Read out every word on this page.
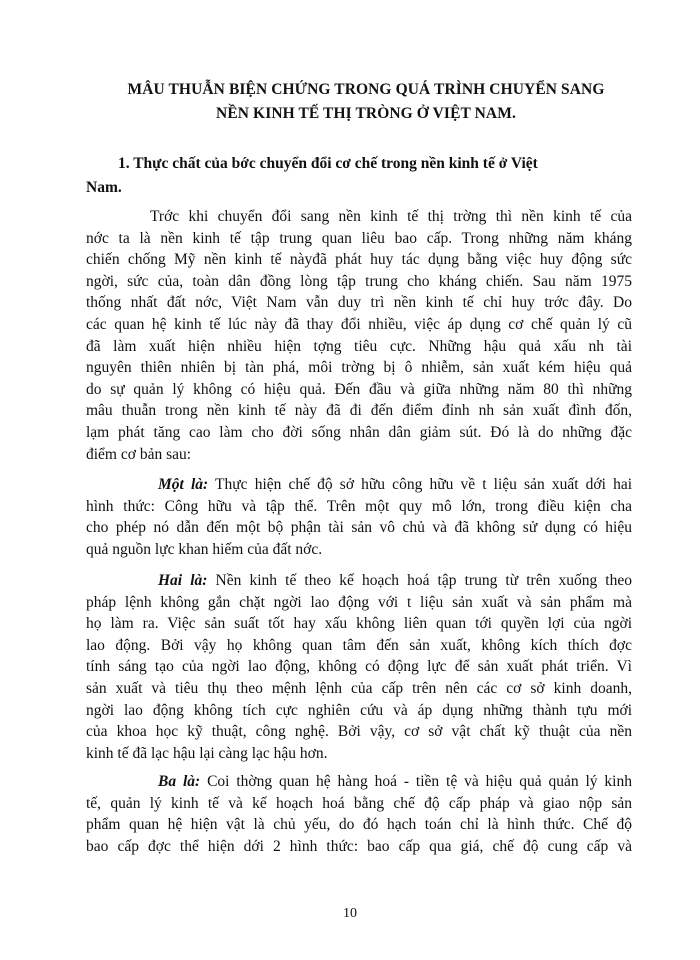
MÂU THUẪN BIỆN CHỨNG TRONG QUÁ TRÌNH CHUYỂN SANG
NỀN KINH TẾ THỊ TRÒNG Ở VIỆT NAM.
1. Thực chất của bớc chuyển đổi cơ chế trong nền kinh tế ở Việt
Nam.
Trớc khi chuyển đổi sang nền kinh tế thị trờng thì nền kinh tế của
nớc ta là nền kinh tế tập trung quan liêu bao cấp. Trong những năm kháng
chiến chống Mỹ nền kinh tế nàyđã phát huy tác dụng bằng việc huy động sức
ngời, sức của, toàn dân đồng lòng tập trung cho kháng chiến. Sau năm 1975
thống nhất đất nớc, Việt Nam vẫn duy trì nền kinh tế chỉ huy trớc đây. Do
các quan hệ kinh tế lúc này đã thay đổi nhiều, việc áp dụng cơ chế quản lý cũ
đã làm xuất hiện nhiều hiện tợng tiêu cực. Những hậu quả xấu nh tài
nguyên thiên nhiên bị tàn phá, môi trờng bị ô nhiễm, sản xuất kém hiệu quả
do sự quản lý không có hiệu quả. Đến đầu và giữa những năm 80 thì những
mâu thuẫn trong nền kinh tế này đã đi đến điểm đỉnh nh sản xuất đình đốn,
lạm phát tăng cao làm cho đời sống nhân dân giảm sút. Đó là do những đặc
điểm cơ bản sau:
Một là: Thực hiện chế độ sở hữu công hữu về t liệu sản xuất dới hai
hình thức: Công hữu và tập thể. Trên một quy mô lớn, trong điều kiện cha
cho phép nó dẫn đến một bộ phận tài sản vô chủ và đã không sử dụng có hiệu
quả nguồn lực khan hiếm của đất nớc.
Hai là: Nền kinh tế theo kế hoạch hoá tập trung từ trên xuống theo
pháp lệnh không gắn chặt ngời lao động với t liệu sản xuất và sản phẩm mà
họ làm ra. Việc sản suất tốt hay xấu không liên quan tới quyền lợi của ngời
lao động. Bởi vậy họ không quan tâm đến sản xuất, không kích thích đợc
tính sáng tạo của ngời lao động, không có động lực để sản xuất phát triển. Vì
sản xuất và tiêu thụ theo mệnh lệnh của cấp trên nên các cơ sở kinh doanh,
ngời lao động không tích cực nghiên cứu và áp dụng những thành tựu mới
của khoa học kỹ thuật, công nghệ. Bởi vậy, cơ sở vật chất kỹ thuật của nền
kinh tế đã lạc hậu lại càng lạc hậu hơn.
Ba là: Coi thờng quan hệ hàng hoá - tiền tệ và hiệu quả quản lý kinh
tế, quản lý kinh tế và kế hoạch hoá bằng chế độ cấp pháp và giao nộp sản
phẩm quan hệ hiện vật là chủ yếu, do đó hạch toán chỉ là hình thức. Chế độ
bao cấp đợc thể hiện dới 2 hình thức: bao cấp qua giá, chế độ cung cấp và
10
